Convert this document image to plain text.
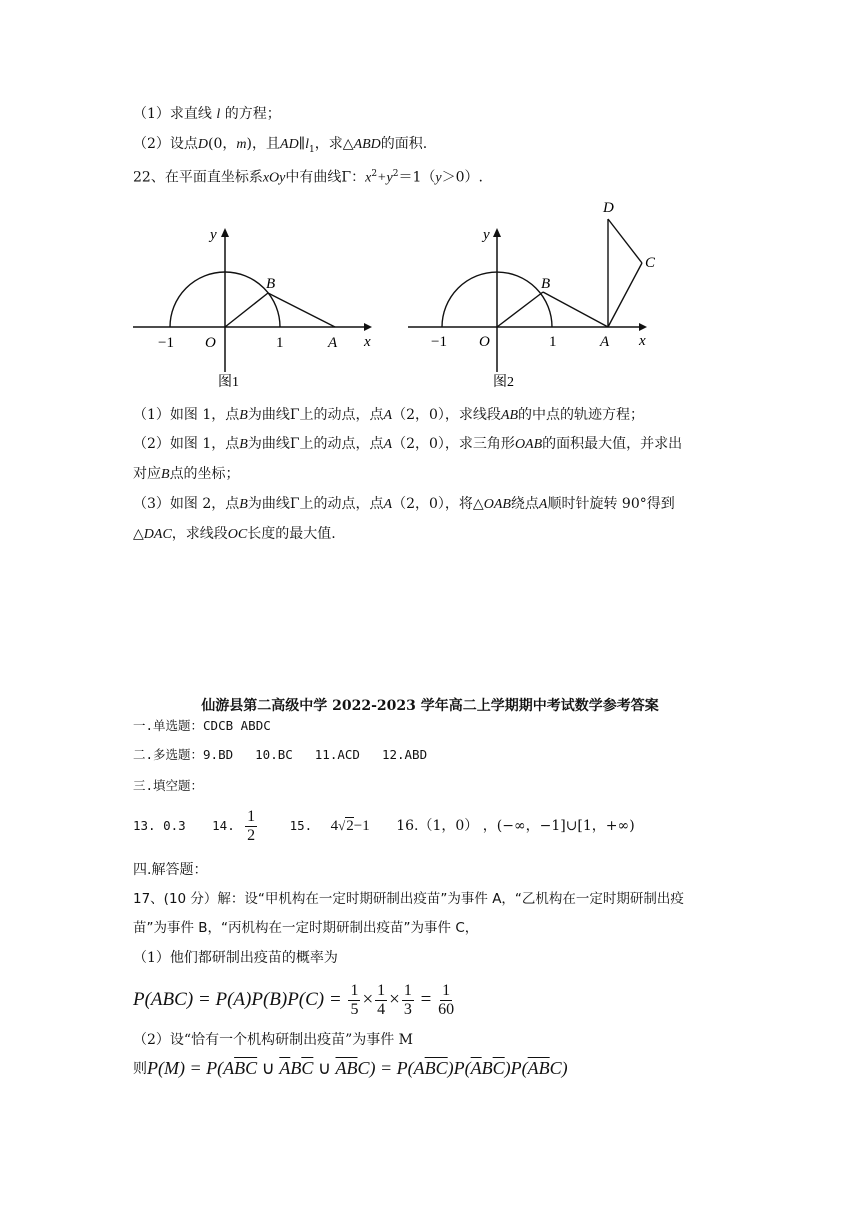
（1）求直线 l 的方程；
（2）设点D(0，m)，且$AD\parallel l_1$，求△ABD的面积.
22、在平面直坐标系xOy中有曲线Γ：$x^2+y^2=1(y>0)$.
y
x
O
−1	1	A
B
图1
y
x
O
−1	1	A
B
C
D
图2
（1）如图 1，点B为曲线Γ上的动点，点A（2，0），求线段AB的中点的轨迹方程；
（2）如图 1，点B为曲线Γ上的动点，点A（2，0），求三角形OAB的面积最大值，并求出
对应B点的坐标；
（3）如图 2，点B为曲线Γ上的动点，点A（2，0），将△OAB绕点A顺时针旋转 90°得到
△DAC，求线段OC长度的最大值.
仙游县第二高级中学 2022-2023 学年高二上学期期中考试数学参考答案
一.单选题：CDCB ABDC
二.多选题：9.BD 10.BC 11.ACD 12.ABD
三.填空题：
13. 0.3 14. $\frac{1}{2}$	15. 4√2−1 16.（1，0） ，(−∞，−1]∪[1，+∞)
四.解答题：
17、(10 分）解：设“甲机构在一定时期研制出疫苗”为事件 A，“乙机构在一定时期研制出疫
苗”为事件 B，“丙机构在一定时期研制出疫苗”为事件 C，
（1）他们都研制出疫苗的概率为
$P(ABC) = P(A)P(B)P(C) = \frac{1}{5} \times \frac{1}{4} \times \frac{1}{3} = \frac{1}{60}$
（2）设“恰有一个机构研制出疫苗”为事件 M
$^则P(M) = P(A\overline{BC}$ ∪ $\overline{A}B\overline{C}$ ∪ $\overline{AB}C) = P(A\overline{BC})P(\overline{A}B\overline{C})P(\overline{AB}C)$
